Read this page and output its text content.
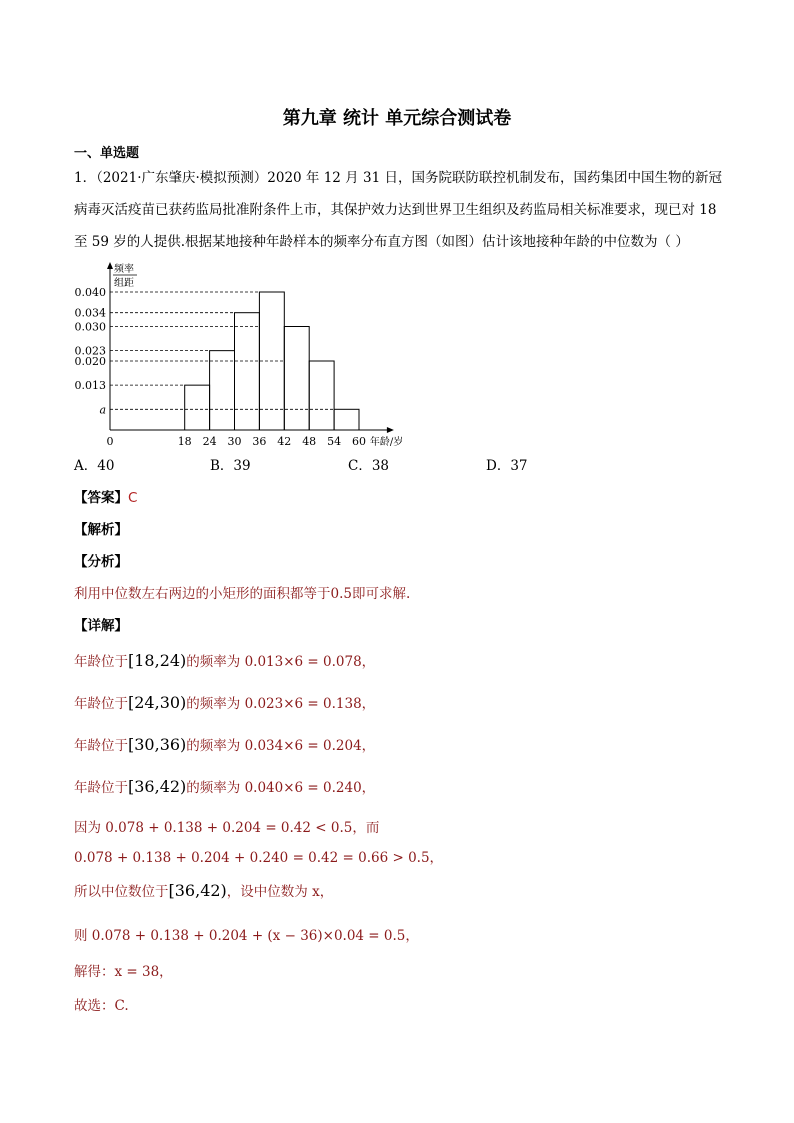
第九章 统计 单元综合测试卷
一、单选题
1．（2021·广东肇庆·模拟预测）2020 年 12 月 31 日，国务院联防联控机制发布，国药集团中国生物的新冠
病毒灭活疫苗已获药监局批准附条件上市，其保护效力达到世界卫生组织及药监局相关标准要求，现已对 18
至 59 岁的人提供.根据某地接种年龄样本的频率分布直方图（如图）估计该地接种年龄的中位数为（ ）
频率
组距
0.040
0.034
0.030
0.023
0.020
0.013
a
0	18 24 30 36 42 48 54 60 年龄/岁
A．40	B．39	C．38	D．37
【答案】C
【解析】
【分析】
利用中位数左右两边的小矩形的面积都等于0.5即可求解.
【详解】
年龄位于[18,24)的频率为 0.013×6 = 0.078，
年龄位于[24,30)的频率为 0.023×6 = 0.138，
年龄位于[30,36)的频率为 0.034×6 = 0.204，
年龄位于[36,42)的频率为 0.040×6 = 0.240，
因为 0.078 + 0.138 + 0.204 = 0.42 < 0.5，而
0.078 + 0.138 + 0.204 + 0.240 = 0.42 = 0.66 > 0.5，
所以中位数位于[36,42)，设中位数为 x，
则 0.078 + 0.138 + 0.204 + (x − 36)×0.04 = 0.5，
解得：x = 38，
故选：C.
